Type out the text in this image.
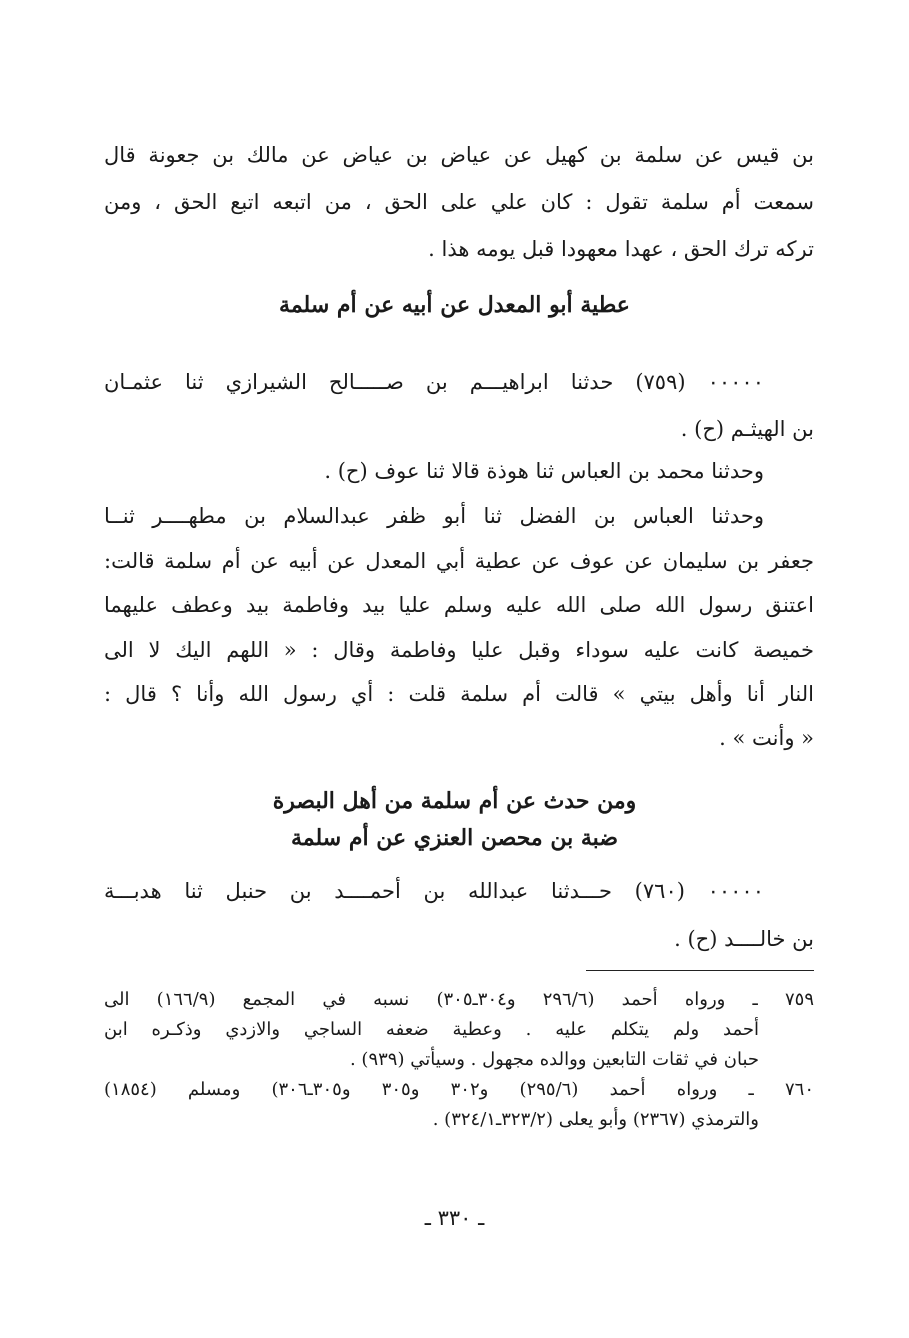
بن قيس عن سلمة بن كهيل عن عياض بن عياض عن مالك بن جعونة قال
سمعت أم سلمة تقول : كان علي على الحق ، من اتبعه اتبع الحق ، ومن
تركه ترك الحق ، عهدا معهودا قبل يومه هذا .
عطية أبو المعدل عن أبيه عن أم سلمة
٠٠٠٠٠ (٧٥٩) حدثنا ابراهيـــم بن صـــــالح الشيرازي ثنا عثمـان
بن الهيثـم (ح) .
وحدثنا محمد بن العباس ثنا هوذة قالا ثنا عوف (ح) .
وحدثنا العباس بن الفضل ثنا أبو ظفر عبدالسلام بن مطهــــر ثنــا
جعفر بن سليمان عن عوف عن عطية أبي المعدل عن أبيه عن أم سلمة قالت:
اعتنق رسول الله صلى الله عليه وسلم عليا بيد وفاطمة بيد وعطف عليهما
خميصة كانت عليه سوداء وقبل عليا وفاطمة وقال : « اللهم اليك لا الى
النار أنا وأهل بيتي » قالت أم سلمة قلت : أي رسول الله وأنا ؟ قال :
« وأنت » .
ومن حدث عن أم سلمة من أهل البصرة
ضبة بن محصن العنزي عن أم سلمة
٠٠٠٠٠ (٧٦٠) حـــدثنا عبدالله بن أحمــــد بن حنبل ثنا هدبـــة
بن خالــــد (ح) .
٧٥٩ ـ ورواه أحمد (٢٩٦/٦ و٣٠٤ـ٣٠٥) نسبه في المجمع (١٦٦/٩) الى
أحمد ولم يتكلم عليه . وعطية ضعفه الساجي والازدي وذكـره ابن
حبان في ثقات التابعين ووالده مجهول . وسيأتي (٩٣٩) .
٧٦٠ ـ ورواه أحمد (٢٩٥/٦) و٣٠٢ و٣٠٥ و٣٠٥ـ٣٠٦) ومسلم (١٨٥٤)
والترمذي (٢٣٦٧) وأبو يعلى (٣٢٣/٢ـ٣٢٤/١) .
ـ ٣٣٠ ـ
